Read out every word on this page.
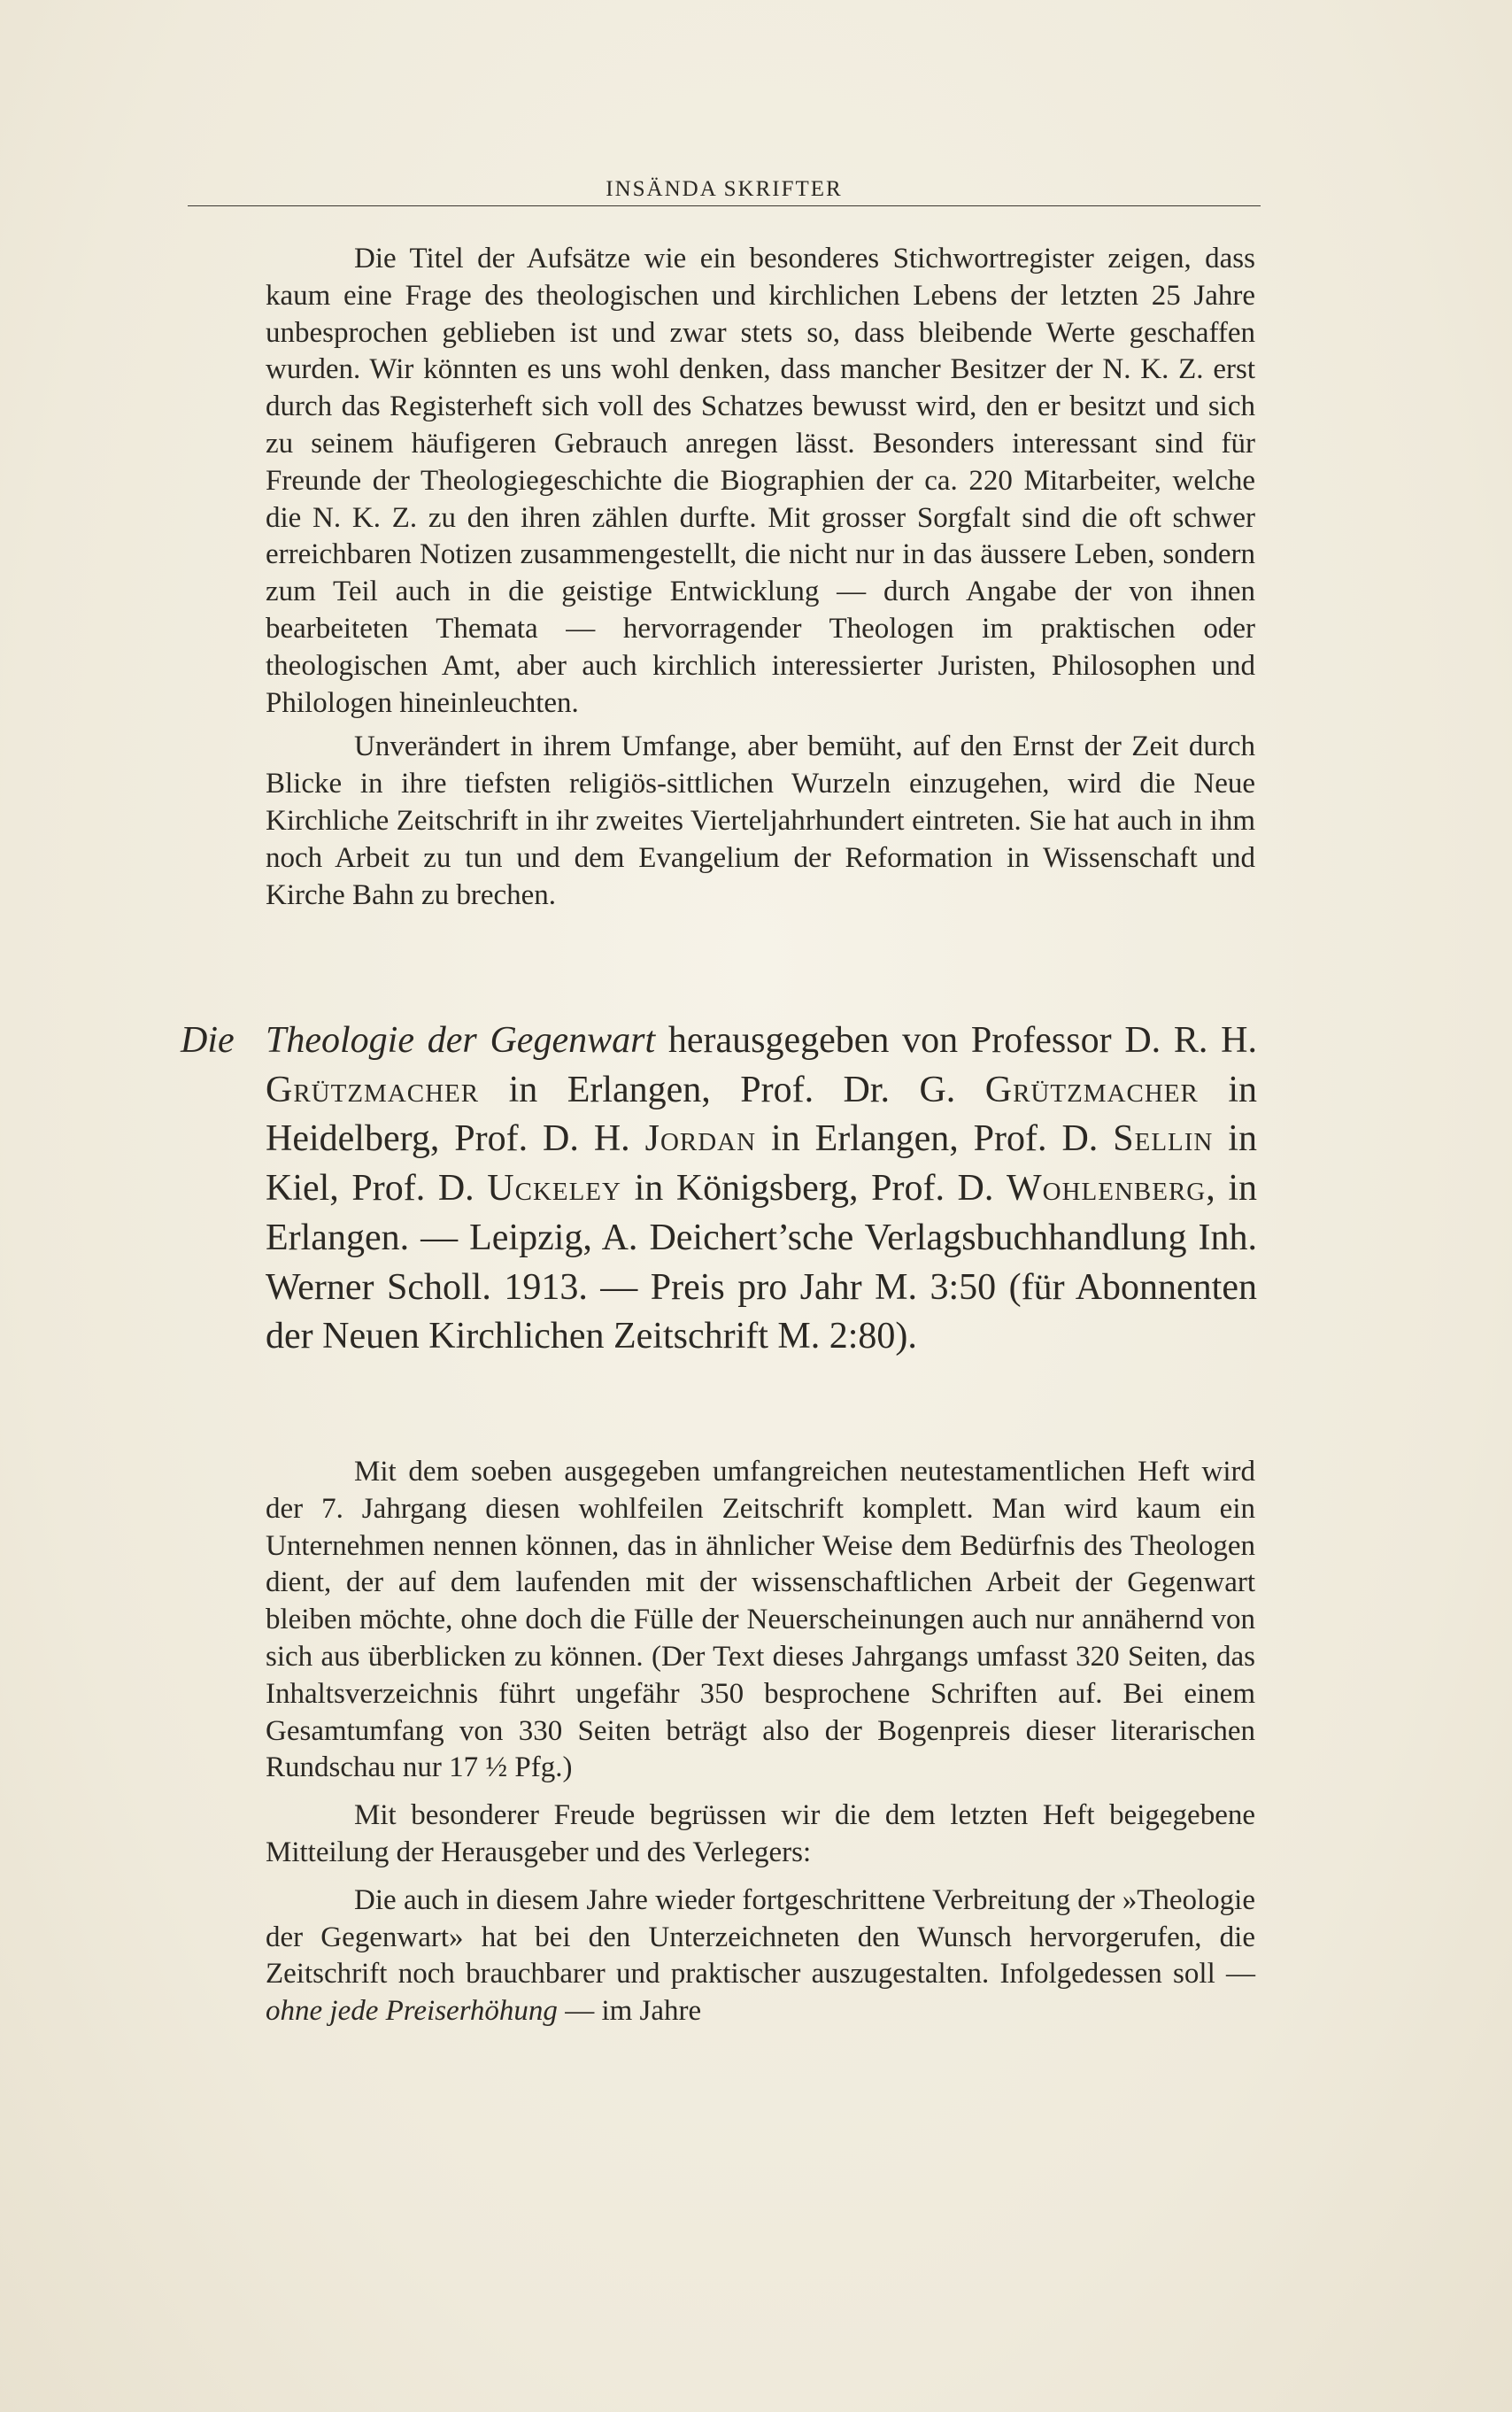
INSÄNDA SKRIFTER

Die Titel der Aufsätze wie ein besonderes Stichwortregister zeigen, dass kaum eine Frage des theologischen und kirchlichen Lebens der letzten 25 Jahre unbesprochen geblieben ist und zwar stets so, dass bleibende Werte geschaffen wurden. Wir könnten es uns wohl denken, dass mancher Besitzer der N. K. Z. erst durch das Registerheft sich voll des Schatzes bewusst wird, den er besitzt und sich zu seinem häufigeren Gebrauch anregen lässt. Besonders interessant sind für Freunde der Theologiegeschichte die Biographien der ca. 220 Mitarbeiter, welche die N. K. Z. zu den ihren zählen durfte. Mit grosser Sorgfalt sind die oft schwer erreichbaren Notizen zusammengestellt, die nicht nur in das äussere Leben, sondern zum Teil auch in die geistige Entwicklung — durch Angabe der von ihnen bearbeiteten Themata — hervorragender Theologen im praktischen oder theologischen Amt, aber auch kirchlich interessierter Juristen, Philosophen und Philologen hineinleuchten.

Unverändert in ihrem Umfange, aber bemüht, auf den Ernst der Zeit durch Blicke in ihre tiefsten religiös-sittlichen Wurzeln einzugehen, wird die Neue Kirchliche Zeitschrift in ihr zweites Vierteljahrhundert eintreten. Sie hat auch in ihm noch Arbeit zu tun und dem Evangelium der Reformation in Wissenschaft und Kirche Bahn zu brechen.

Die Theologie der Gegenwart herausgegeben von Professor D. R. H. Grützmacher in Erlangen, Prof. Dr. G. Grützmacher in Heidelberg, Prof. D. H. Jordan in Erlangen, Prof. D. Sellin in Kiel, Prof. D. Uckeley in Königsberg, Prof. D. Wohlenberg, in Erlangen. — Leipzig, A. Deichert’sche Verlagsbuchhandlung Inh. Werner Scholl. 1913. — Preis pro Jahr M. 3:50 (für Abonnenten der Neuen Kirchlichen Zeitschrift M. 2:80).

Mit dem soeben ausgegeben umfangreichen neutestamentlichen Heft wird der 7. Jahrgang diesen wohlfeilen Zeitschrift komplett. Man wird kaum ein Unternehmen nennen können, das in ähnlicher Weise dem Bedürfnis des Theologen dient, der auf dem laufenden mit der wissenschaftlichen Arbeit der Gegenwart bleiben möchte, ohne doch die Fülle der Neuerscheinungen auch nur annähernd von sich aus überblicken zu können. (Der Text dieses Jahrgangs umfasst 320 Seiten, das Inhaltsverzeichnis führt ungefähr 350 besprochene Schriften auf. Bei einem Gesamtumfang von 330 Seiten beträgt also der Bogenpreis dieser literarischen Rundschau nur 17 ½ Pfg.)

Mit besonderer Freude begrüssen wir die dem letzten Heft beigegebene Mitteilung der Herausgeber und des Verlegers:

Die auch in diesem Jahre wieder fortgeschrittene Verbreitung der »Theologie der Gegenwart» hat bei den Unterzeichneten den Wunsch hervorgerufen, die Zeitschrift noch brauchbarer und praktischer auszugestalten. Infolgedessen soll — ohne jede Preiserhöhung — im Jahre
